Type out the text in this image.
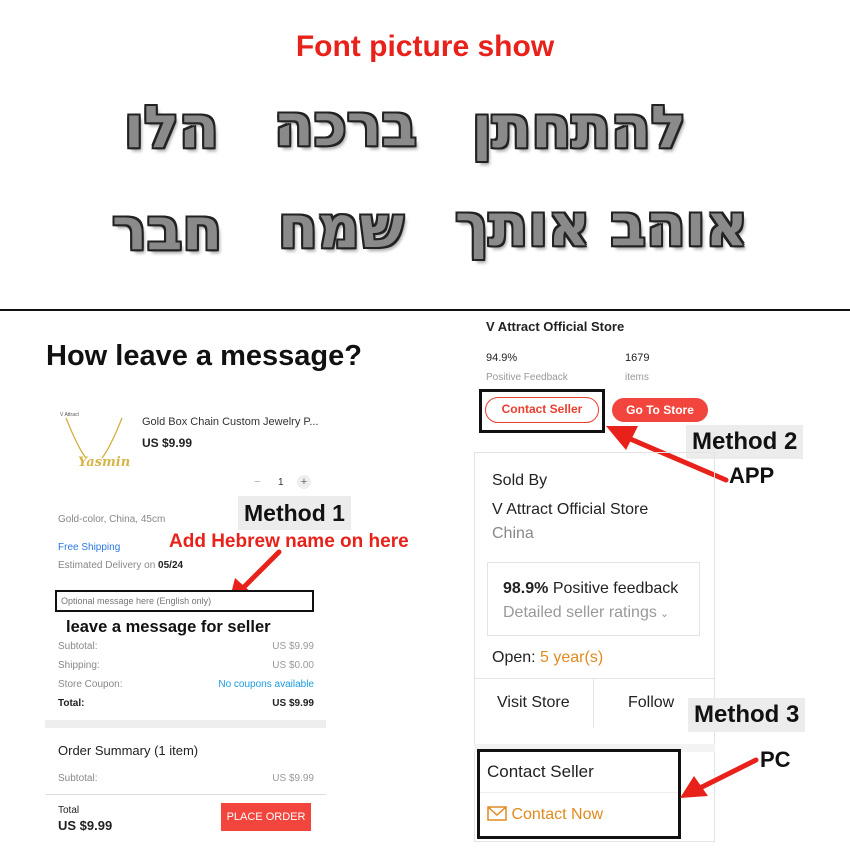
Font picture show
הלו ברכה להתחתן
חבר שמח אוהב אותך
How leave a message?
V Attract
Yasmin
Gold Box Chain Custom Jewelry P...
US $9.99
− 1	+
Gold-color, China, 45cm	Method 1
Add Hebrew name on here
Free Shipping
Estimated Delivery on 05/24
Optional message here (English only)
leave a message for seller
Subtotal:	US $9.99
Shipping:	US $0.00
Store Coupon:	No coupons available
Total:	US $9.99
Order Summary (1 item)
Subtotal:	US $9.99
Total
US $9.99
PLACE ORDER
V Attract Official Store
94.9%
Positive Feedback
1679
items
Contact Seller	Go To Store
Method 2
APP
Sold By
V Attract Official Store
China
98.9% Positive feedback
Detailed seller ratings ⌄
Open: 5 year(s)
Visit Store	Follow Method 3
Contact Seller
Contact Now
PC
